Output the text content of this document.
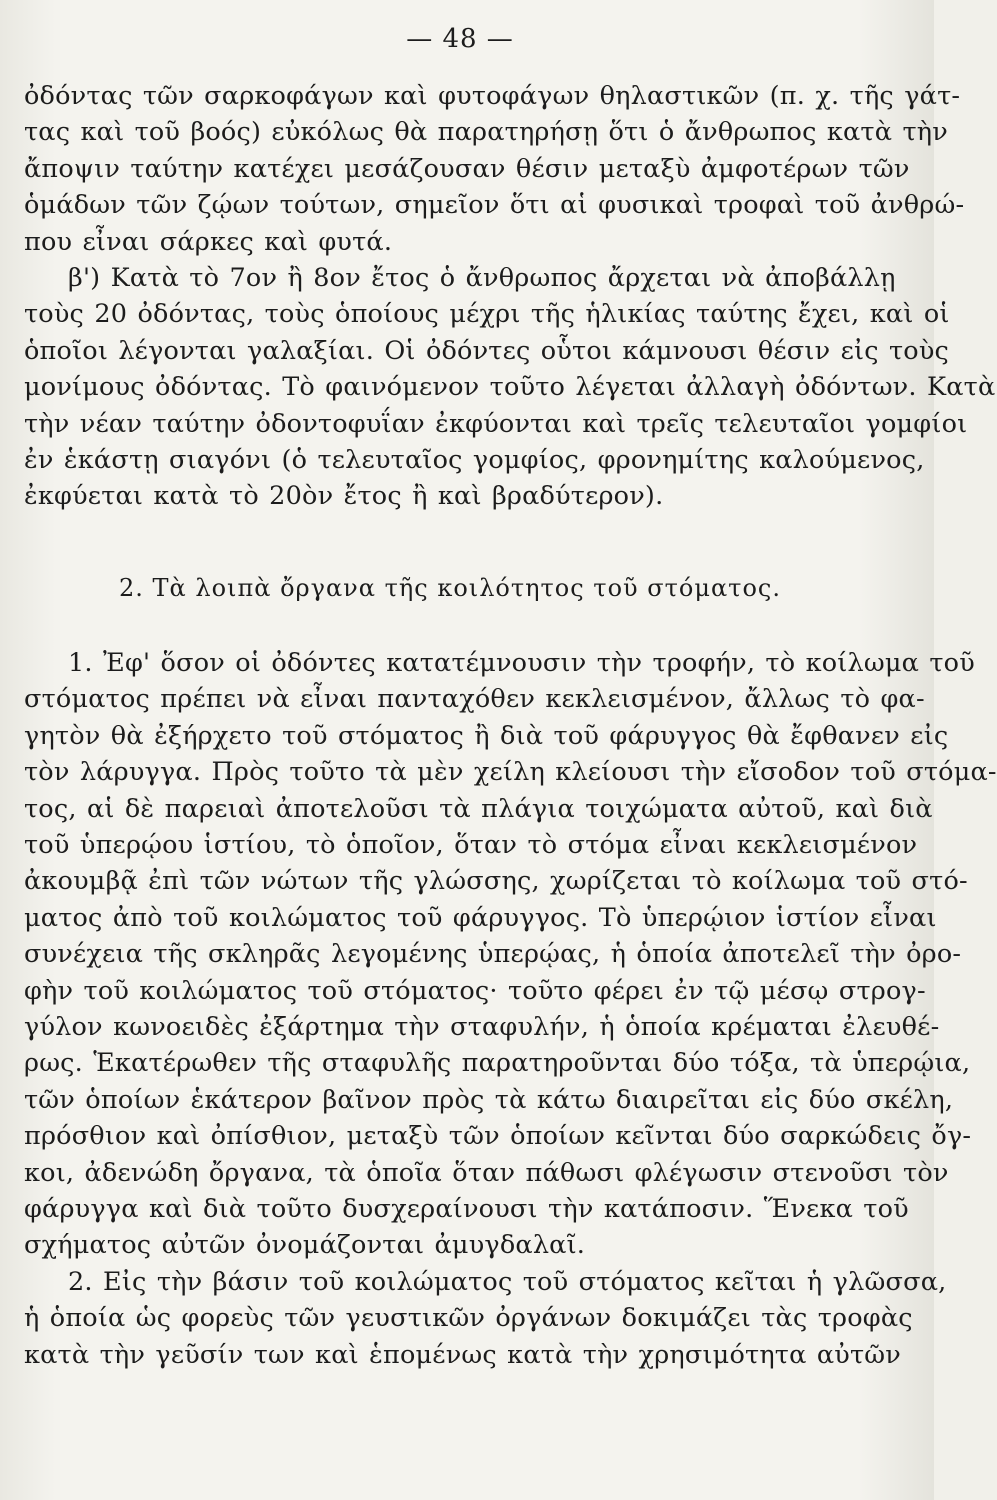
— 48 —

ὀδόντας τῶν σαρκοφάγων καὶ φυτοφάγων θηλαστικῶν (π. χ. τῆς γάτ-
τας καὶ τοῦ βοός) εὐκόλως θὰ παρατηρήσῃ ὅτι ὁ ἄνθρωπος κατὰ τὴν
ἄποψιν ταύτην κατέχει μεσάζουσαν θέσιν μεταξὺ ἀμφοτέρων τῶν
ὁμάδων τῶν ζῴων τούτων, σημεῖον ὅτι αἱ φυσικαὶ τροφαὶ τοῦ ἀνθρώ-
που εἶναι σάρκες καὶ φυτά.

β') Κατὰ τὸ 7ον ἢ 8ον ἔτος ὁ ἄνθρωπος ἄρχεται νὰ ἀποβάλλῃ
τοὺς 20 ὀδόντας, τοὺς ὁποίους μέχρι τῆς ἡλικίας ταύτης ἔχει, καὶ οἱ
ὁποῖοι λέγονται γαλαξίαι. Οἱ ὀδόντες οὗτοι κάμνουσι θέσιν εἰς τοὺς
μονίμους ὀδόντας. Τὸ φαινόμενον τοῦτο λέγεται ἀλλαγὴ ὀδόντων. Κατὰ
τὴν νέαν ταύτην ὀδοντοφυΐαν ἐκφύονται καὶ τρεῖς τελευταῖοι γομφίοι
ἐν ἑκάστῃ σιαγόνι (ὁ τελευταῖος γομφίος, φρονημίτης καλούμενος,
ἐκφύεται κατὰ τὸ 20ὸν ἔτος ἢ καὶ βραδύτερον).

2. Τὰ λοιπὰ ὄργανα τῆς κοιλότητος τοῦ στόματος.

1. Ἐφ' ὅσον οἱ ὀδόντες κατατέμνουσιν τὴν τροφήν, τὸ κοίλωμα τοῦ
στόματος πρέπει νὰ εἶναι πανταχόθεν κεκλεισμένον, ἄλλως τὸ φα-
γητὸν θὰ ἐξήρχετο τοῦ στόματος ἢ διὰ τοῦ φάρυγγος θὰ ἔφθανεν εἰς
τὸν λάρυγγα. Πρὸς τοῦτο τὰ μὲν χείλη κλείουσι τὴν εἴσοδον τοῦ στόμα-
τος, αἱ δὲ παρειαὶ ἀποτελοῦσι τὰ πλάγια τοιχώματα αὐτοῦ, καὶ διὰ
τοῦ ὑπερῴου ἱστίου, τὸ ὁποῖον, ὅταν τὸ στόμα εἶναι κεκλεισμένον
ἀκουμβᾷ ἐπὶ τῶν νώτων τῆς γλώσσης, χωρίζεται τὸ κοίλωμα τοῦ στό-
ματος ἀπὸ τοῦ κοιλώματος τοῦ φάρυγγος. Τὸ ὑπερῴιον ἱστίον εἶναι
συνέχεια τῆς σκληρᾶς λεγομένης ὑπερῴας, ἡ ὁποία ἀποτελεῖ τὴν ὀρο-
φὴν τοῦ κοιλώματος τοῦ στόματος· τοῦτο φέρει ἐν τῷ μέσῳ στρογ-
γύλον κωνοειδὲς ἐξάρτημα τὴν σταφυλήν, ἡ ὁποία κρέμαται ἐλευθέ-
ρως. Ἑκατέρωθεν τῆς σταφυλῆς παρατηροῦνται δύο τόξα, τὰ ὑπερῴια,
τῶν ὁποίων ἑκάτερον βαῖνον πρὸς τὰ κάτω διαιρεῖται εἰς δύο σκέλη,
πρόσθιον καὶ ὀπίσθιον, μεταξὺ τῶν ὁποίων κεῖνται δύο σαρκώδεις ὄγ-
κοι, ἀδενώδη ὄργανα, τὰ ὁποῖα ὅταν πάθωσι φλέγωσιν στενοῦσι τὸν
φάρυγγα καὶ διὰ τοῦτο δυσχεραίνουσι τὴν κατάποσιν. Ἕνεκα τοῦ
σχήματος αὐτῶν ὀνομάζονται ἀμυγδαλαῖ.

2. Εἰς τὴν βάσιν τοῦ κοιλώματος τοῦ στόματος κεῖται ἡ γλῶσσα,
ἡ ὁποία ὡς φορεὺς τῶν γευστικῶν ὀργάνων δοκιμάζει τὰς τροφὰς
κατὰ τὴν γεῦσίν των καὶ ἑπομένως κατὰ τὴν χρησιμότητα αὐτῶν
